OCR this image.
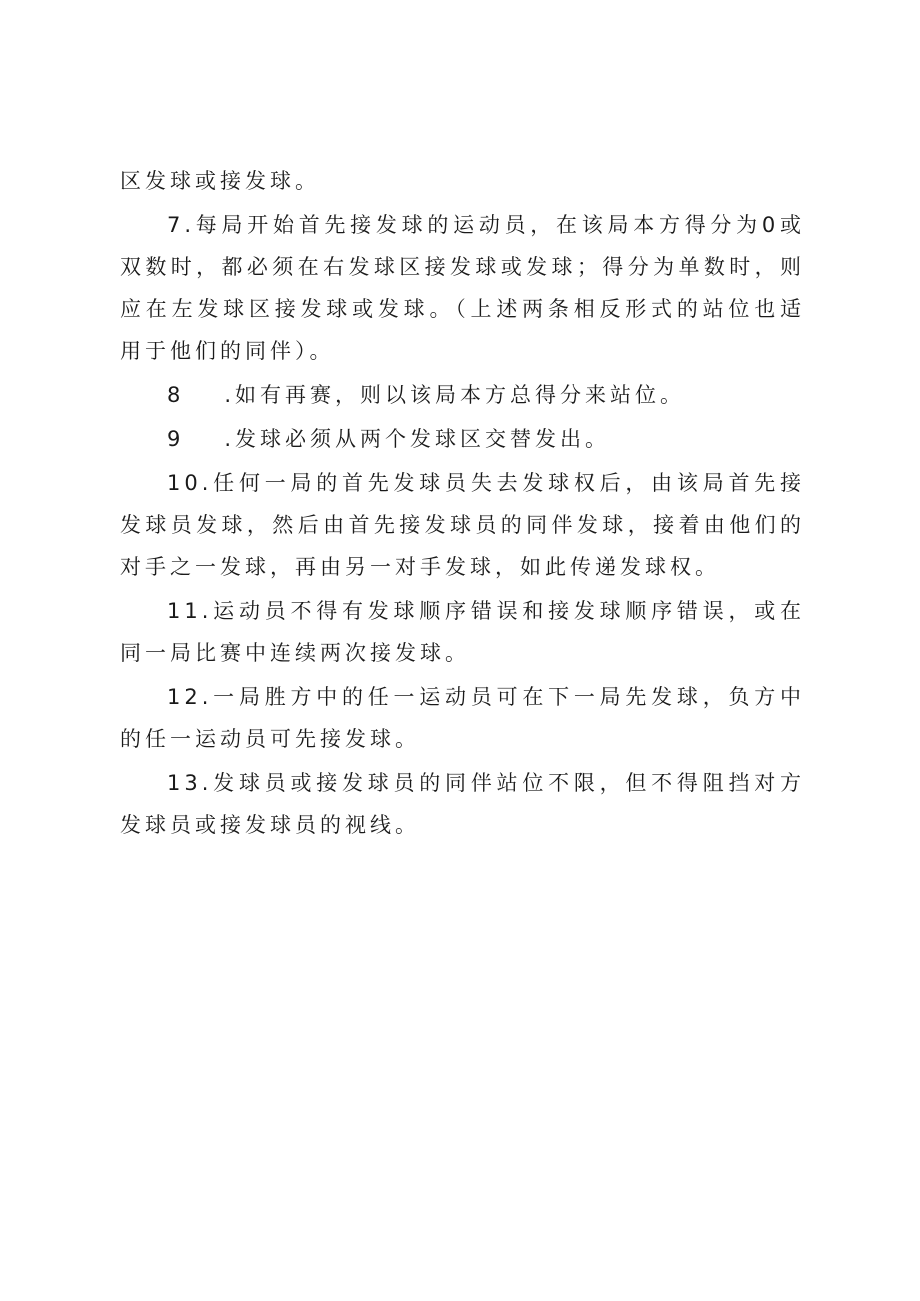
区发球或接发球。

7.每局开始首先接发球的运动员，在该局本方得分为0或双数时，都必须在右发球区接发球或发球；得分为单数时，则应在左发球区接发球或发球。（上述两条相反形式的站位也适用于他们的同伴）。

8 .如有再赛，则以该局本方总得分来站位。

9 .发球必须从两个发球区交替发出。

10.任何一局的首先发球员失去发球权后，由该局首先接发球员发球，然后由首先接发球员的同伴发球，接着由他们的对手之一发球，再由另一对手发球，如此传递发球权。

11.运动员不得有发球顺序错误和接发球顺序错误，或在同一局比赛中连续两次接发球。

12.一局胜方中的任一运动员可在下一局先发球，负方中的任一运动员可先接发球。

13.发球员或接发球员的同伴站位不限，但不得阻挡对方发球员或接发球员的视线。
